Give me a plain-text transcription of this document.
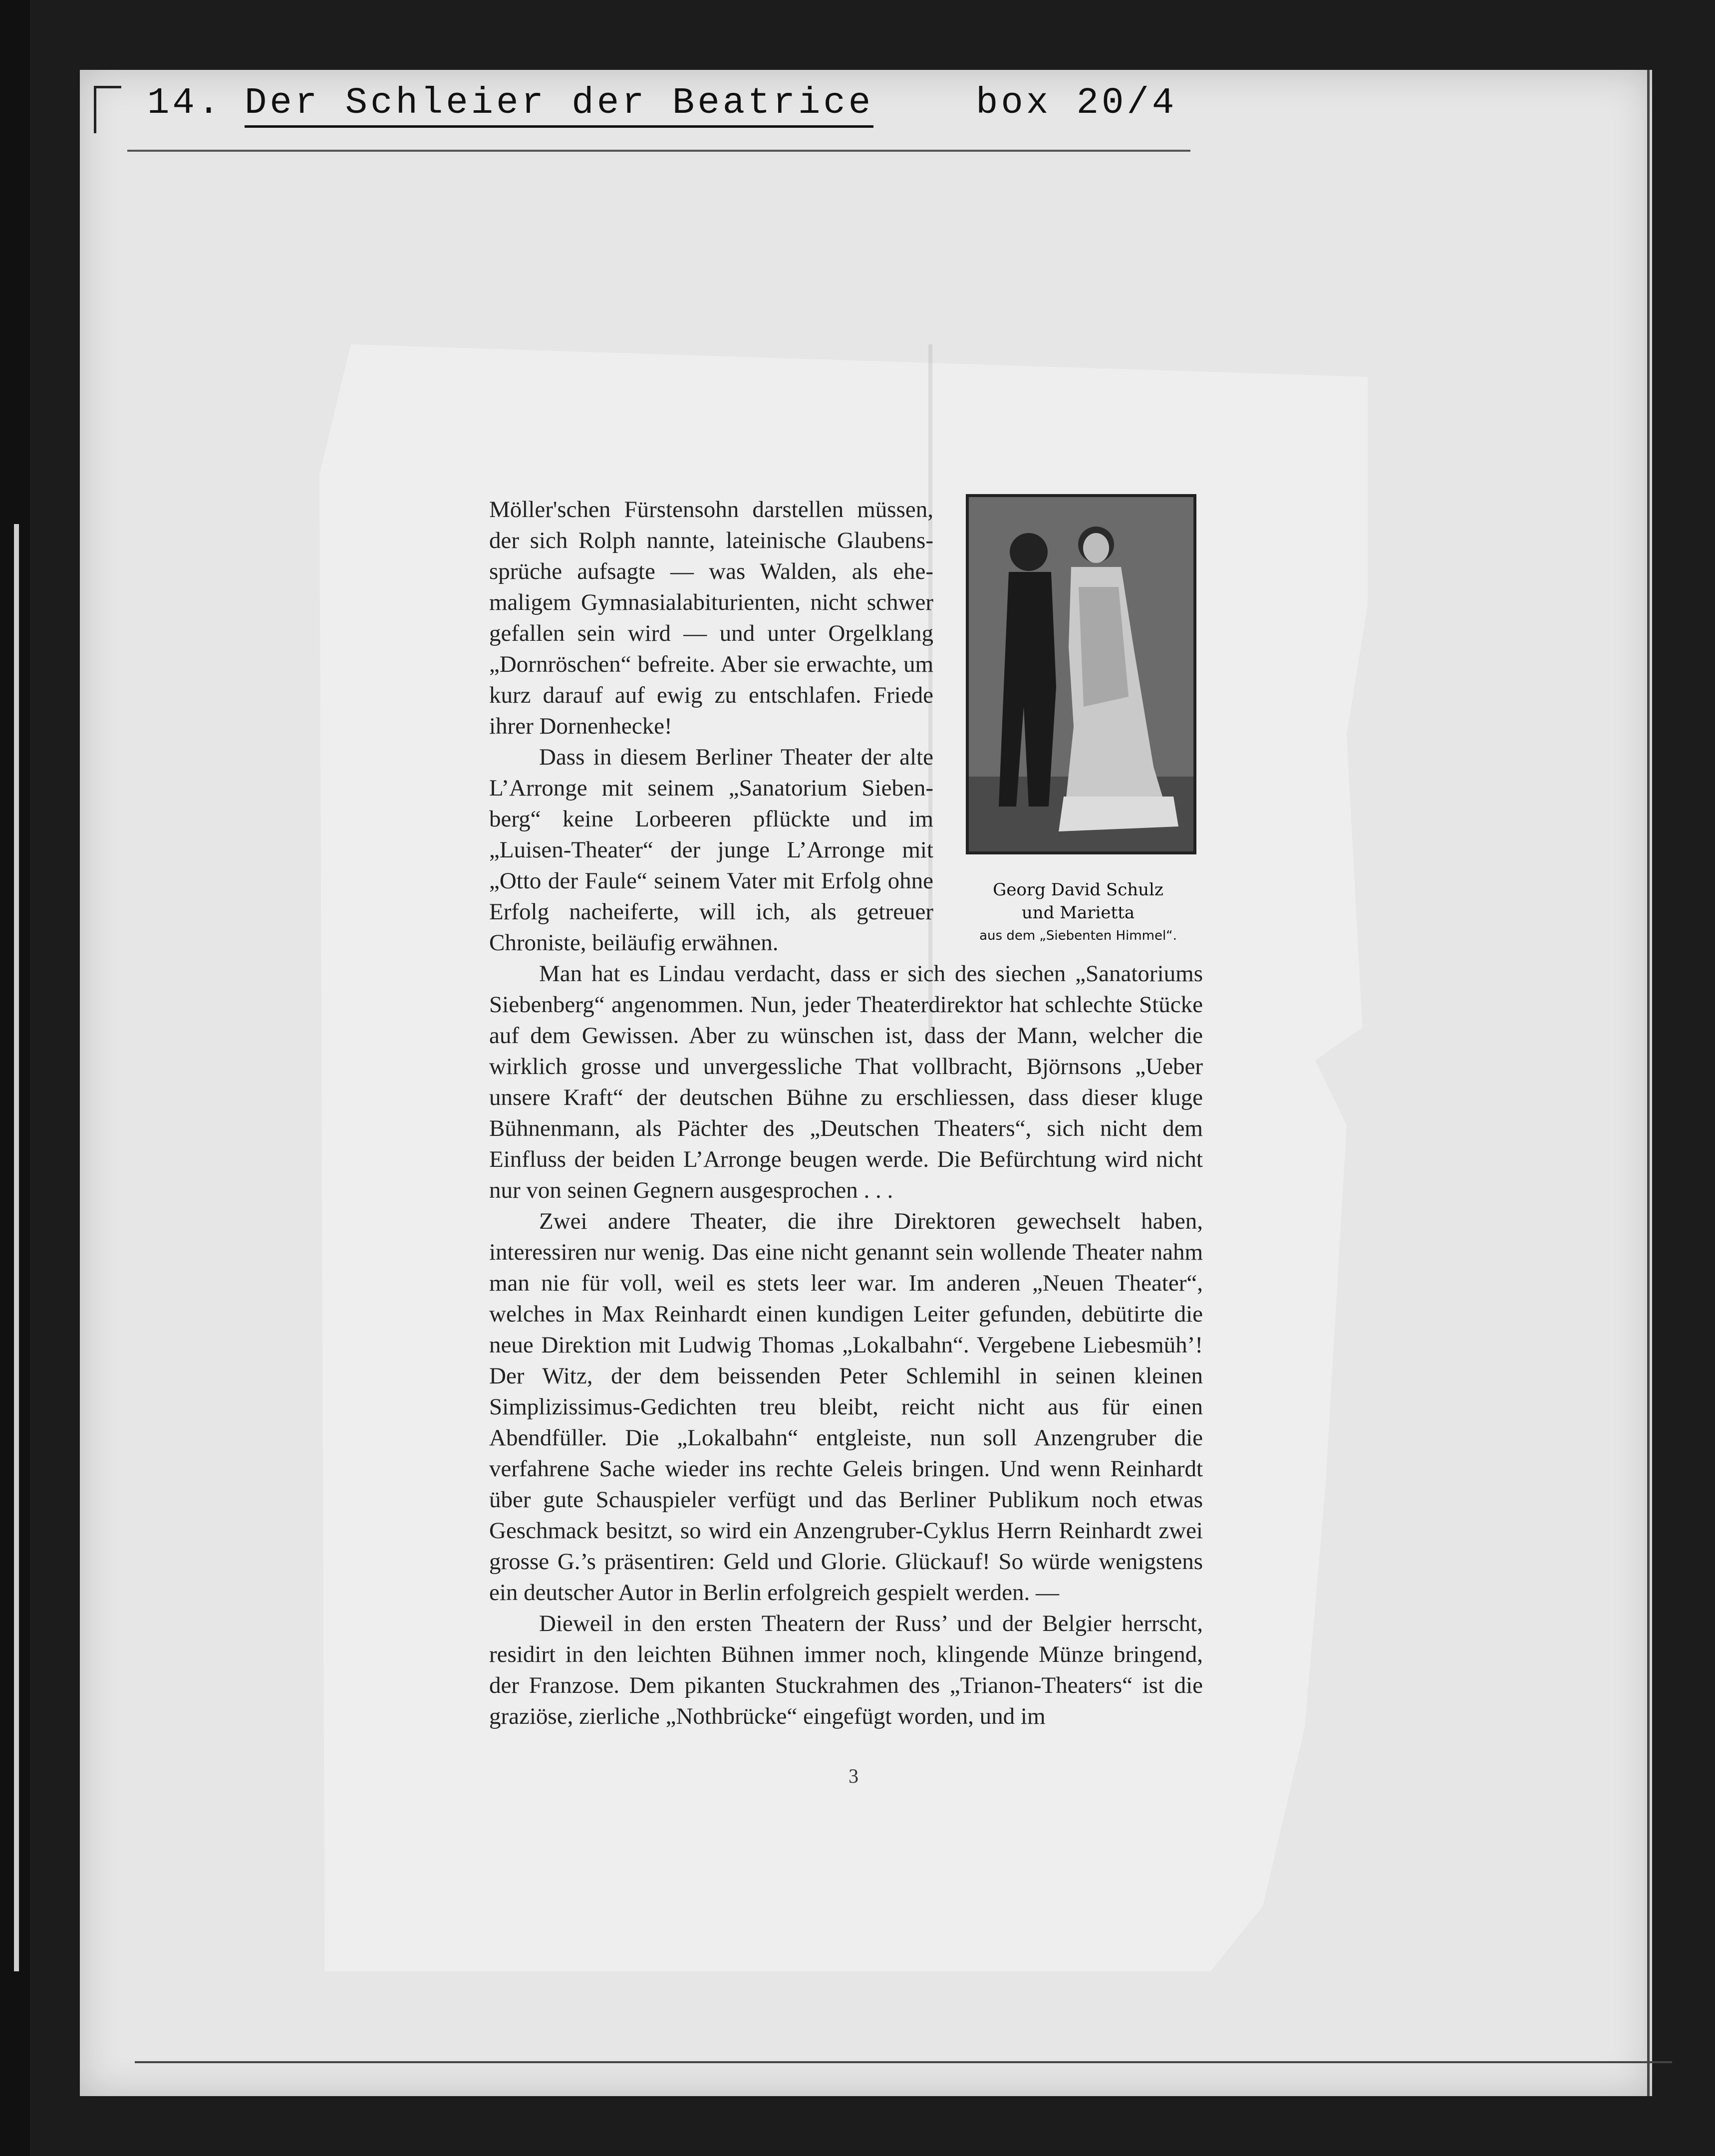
14. Der Schleier der Beatrice	box 20/4
Georg David Schulz
und Marietta
aus dem „Siebenten Himmel“.

Möller'schen Fürstensohn darstellen müssen, der sich Rolph nannte, lateinische Glaubenssprüche aufsagte — was Walden, als ehemaligem Gymnasialabiturienten, nicht schwer gefallen sein wird — und unter Orgelklang „Dornröschen“ befreite. Aber sie erwachte, um kurz darauf auf ewig zu entschlafen. Friede ihrer Dornenhecke!

Dass in diesem Berliner Theater der alte L’Arronge mit seinem „Sanatorium Siebenberg“ keine Lorbeeren pflückte und im „Luisen-Theater“ der junge L’Arronge mit „Otto der Faule“ seinem Vater mit Erfolg ohne Erfolg nacheiferte, will ich, als getreuer Chroniste, beiläufig erwähnen.

Man hat es Lindau verdacht, dass er sich des siechen „Sanatoriums Siebenberg“ angenommen. Nun, jeder Theaterdirektor hat schlechte Stücke auf dem Gewissen. Aber zu wünschen ist, dass der Mann, welcher die wirklich grosse und unvergessliche That vollbracht, Björnsons „Ueber unsere Kraft“ der deutschen Bühne zu erschliessen, dass dieser kluge Bühnenmann, als Pächter des „Deutschen Theaters“, sich nicht dem Einfluss der beiden L’Arronge beugen werde. Die Befürchtung wird nicht nur von seinen Gegnern ausgesprochen . . .

Zwei andere Theater, die ihre Direktoren gewechselt haben, interessiren nur wenig. Das eine nicht genannt sein wollende Theater nahm man nie für voll, weil es stets leer war. Im anderen „Neuen Theater“, welches in Max Reinhardt einen kundigen Leiter gefunden, debütirte die neue Direktion mit Ludwig Thomas „Lokalbahn“. Vergebene Liebesmüh’! Der Witz, der dem beissenden Peter Schlemihl in seinen kleinen Simplizissimus-Gedichten treu bleibt, reicht nicht aus für einen Abendfüller. Die „Lokalbahn“ entgleiste, nun soll Anzengruber die verfahrene Sache wieder ins rechte Geleis bringen. Und wenn Reinhardt über gute Schauspieler verfügt und das Berliner Publikum noch etwas Geschmack besitzt, so wird ein Anzengruber-Cyklus Herrn Reinhardt zwei grosse G.’s präsentiren: Geld und Glorie. Glückauf! So würde wenigstens ein deutscher Autor in Berlin erfolgreich gespielt werden. —

Dieweil in den ersten Theatern der Russ’ und der Belgier herrscht, residirt in den leichten Bühnen immer noch, klingende Münze bringend, der Franzose. Dem pikanten Stuckrahmen des „Trianon-Theaters“ ist die graziöse, zierliche „Nothbrücke“ eingefügt worden, und im

3
